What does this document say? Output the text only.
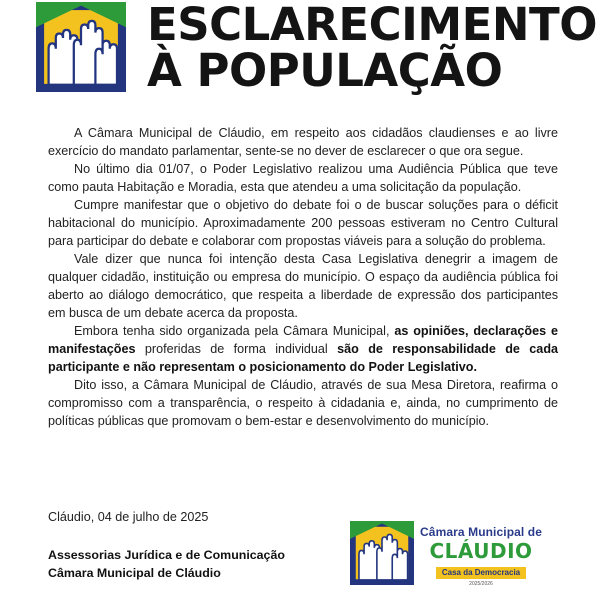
ESCLARECIMENTO
À POPULAÇÃO

A Câmara Municipal de Cláudio, em respeito aos cidadãos claudienses e ao livre exercício do mandato parlamentar, sente-se no dever de esclarecer o que ora segue.

No último dia 01/07, o Poder Legislativo realizou uma Audiência Pública que teve como pauta Habitação e Moradia, esta que atendeu a uma solicitação da população.

Cumpre manifestar que o objetivo do debate foi o de buscar soluções para o déficit habitacional do município. Aproximadamente 200 pessoas estiveram no Centro Cultural para participar do debate e colaborar com propostas viáveis para a solução do problema.

Vale dizer que nunca foi intenção desta Casa Legislativa denegrir a imagem de qualquer cidadão, instituição ou empresa do município. O espaço da audiência pública foi aberto ao diálogo democrático, que respeita a liberdade de expressão dos participantes em busca de um debate acerca da proposta.

Embora tenha sido organizada pela Câmara Municipal, as opiniões, declarações e manifestações proferidas de forma individual são de responsabilidade de cada participante e não representam o posicionamento do Poder Legislativo.

Dito isso, a Câmara Municipal de Cláudio, através de sua Mesa Diretora, reafirma o compromisso com a transparência, o respeito à cidadania e, ainda, no cumprimento de políticas públicas que promovam o bem-estar e desenvolvimento do município.

Cláudio, 04 de julho de 2025

Assessorias Jurídica e de Comunicação
Câmara Municipal de Cláudio
Câmara Municipal de
CLÁUDIO
Casa da Democracia
2025/2026
